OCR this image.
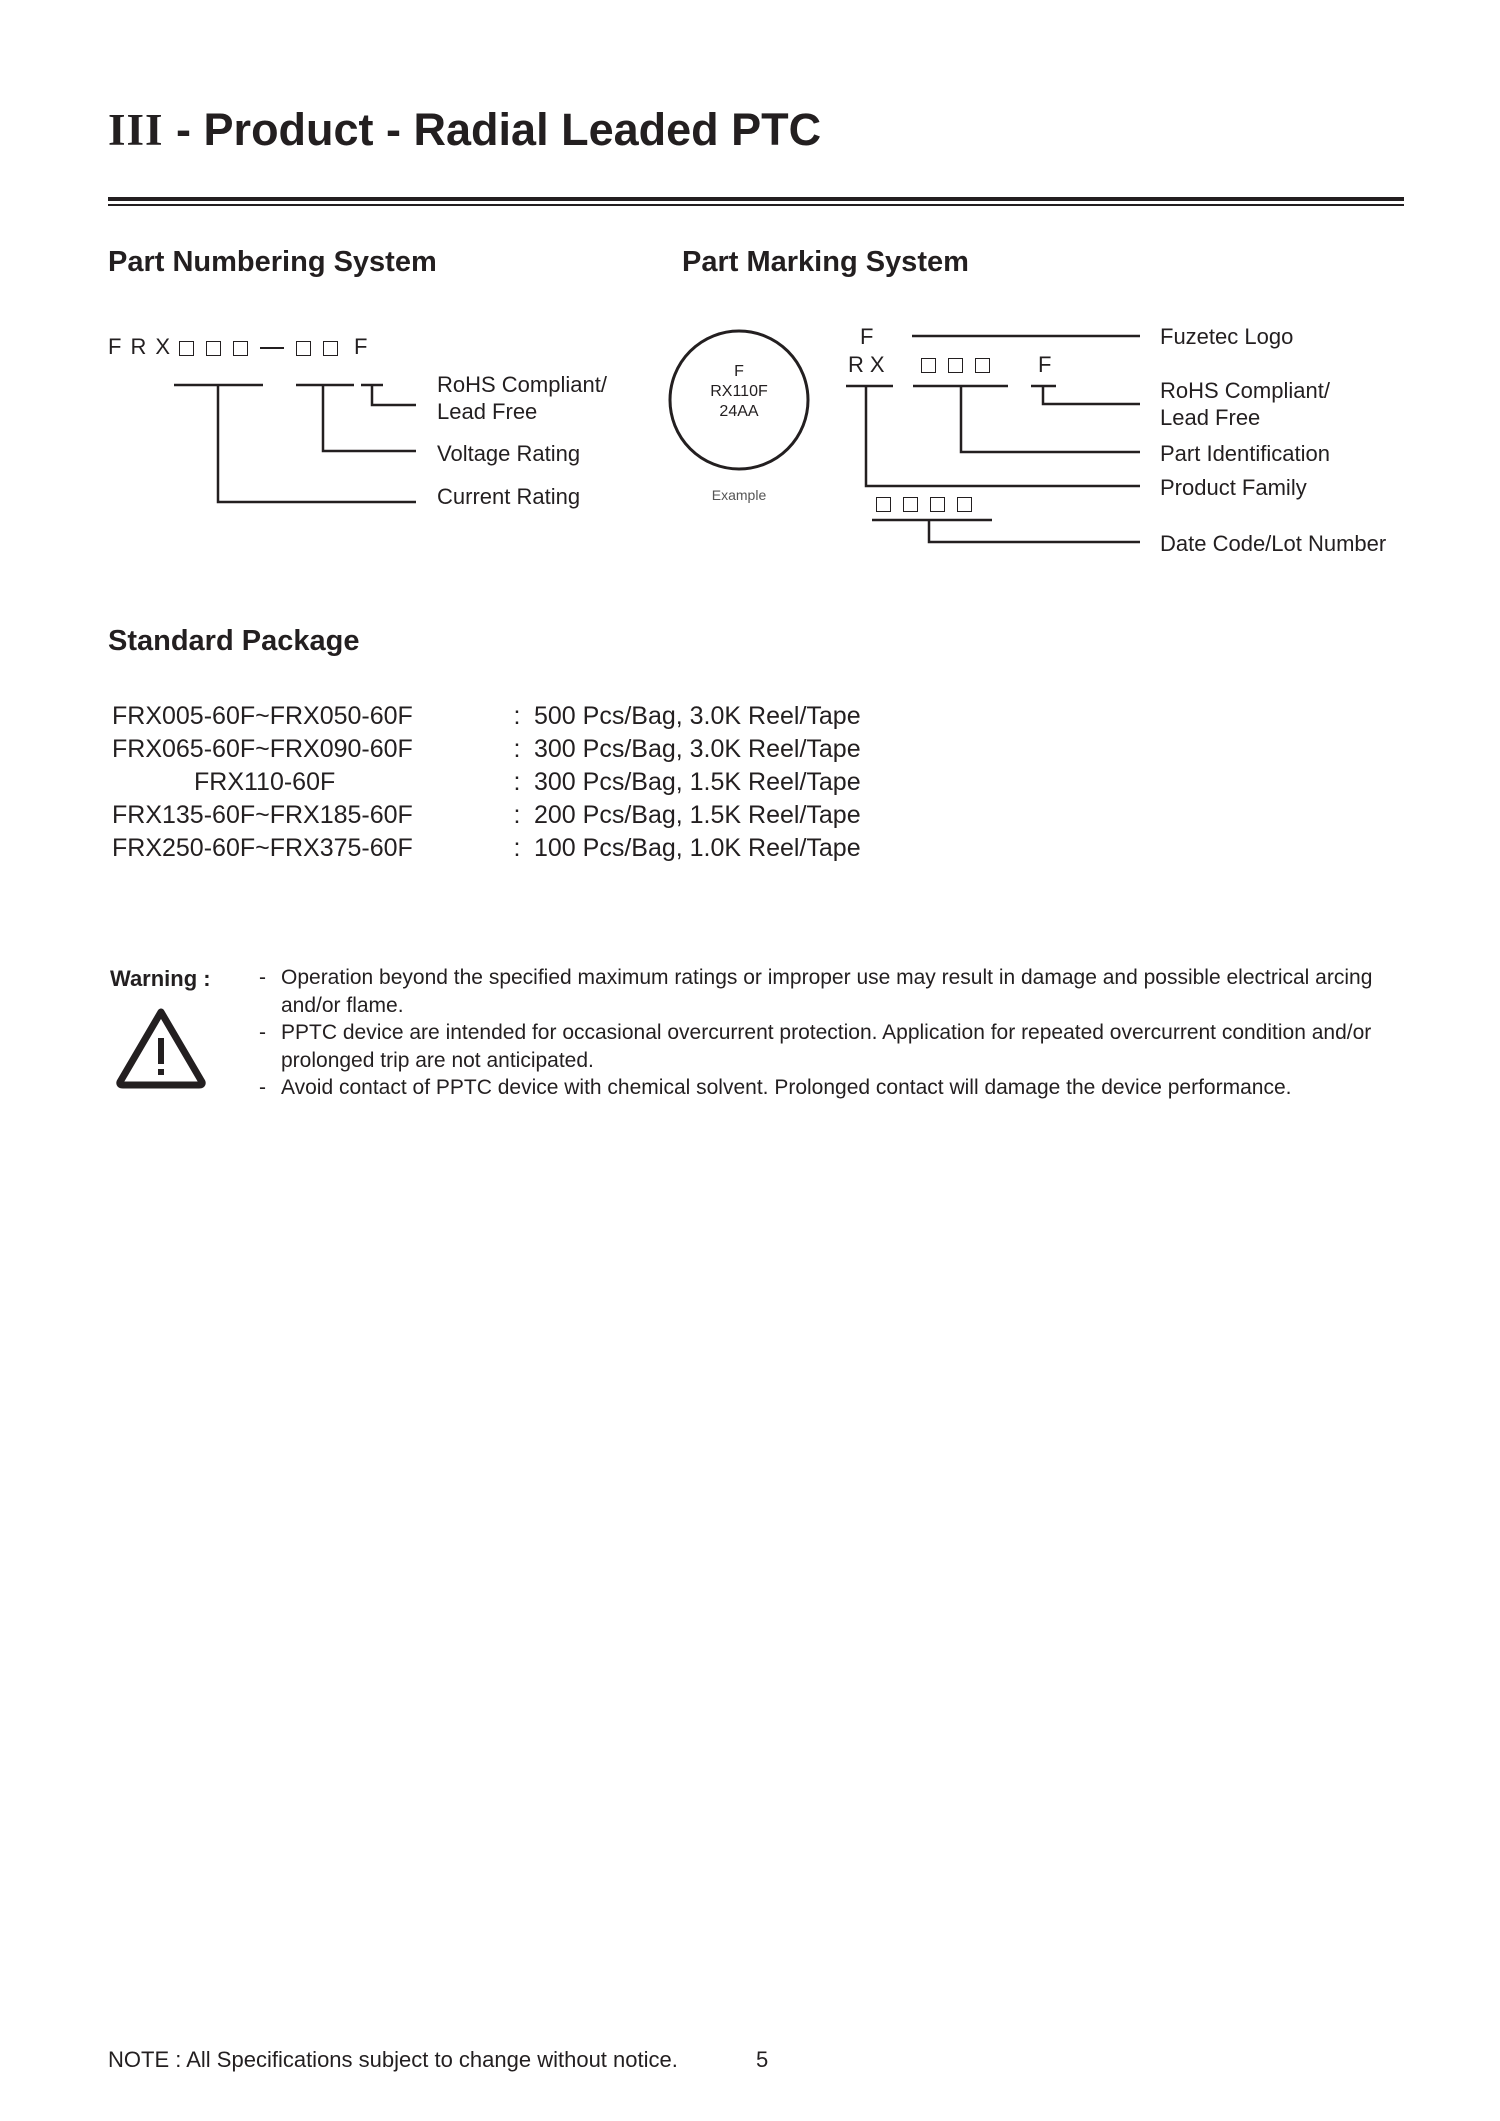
III - Product - Radial Leaded PTC
Part Numbering System	Part Marking System
FRX	F
RoHS Compliant/
Lead Free
Voltage Rating
Current Rating
F
RX110F
24AA
Example
F
RX	F
Fuzetec Logo
RoHS Compliant/
Lead Free
Part Identification
Product Family
Date Code/Lot Number
Standard Package
FRX005-60F~FRX050-60F	:	500 Pcs/Bag, 3.0K Reel/Tape
FRX065-60F~FRX090-60F	:	300 Pcs/Bag, 3.0K Reel/Tape
FRX110-60F	:	300 Pcs/Bag, 1.5K Reel/Tape
FRX135-60F~FRX185-60F	:	200 Pcs/Bag, 1.5K Reel/Tape
FRX250-60F~FRX375-60F	:	100 Pcs/Bag, 1.0K Reel/Tape
Warning : - Operation beyond the specified maximum ratings or improper use may result in damage and possible electrical arcing and/or flame.
- PPTC device are intended for occasional overcurrent protection. Application for repeated overcurrent condition and/or prolonged trip are not anticipated.
- Avoid contact of PPTC device with chemical solvent. Prolonged contact will damage the device performance.
NOTE : All Specifications subject to change without notice.	5
